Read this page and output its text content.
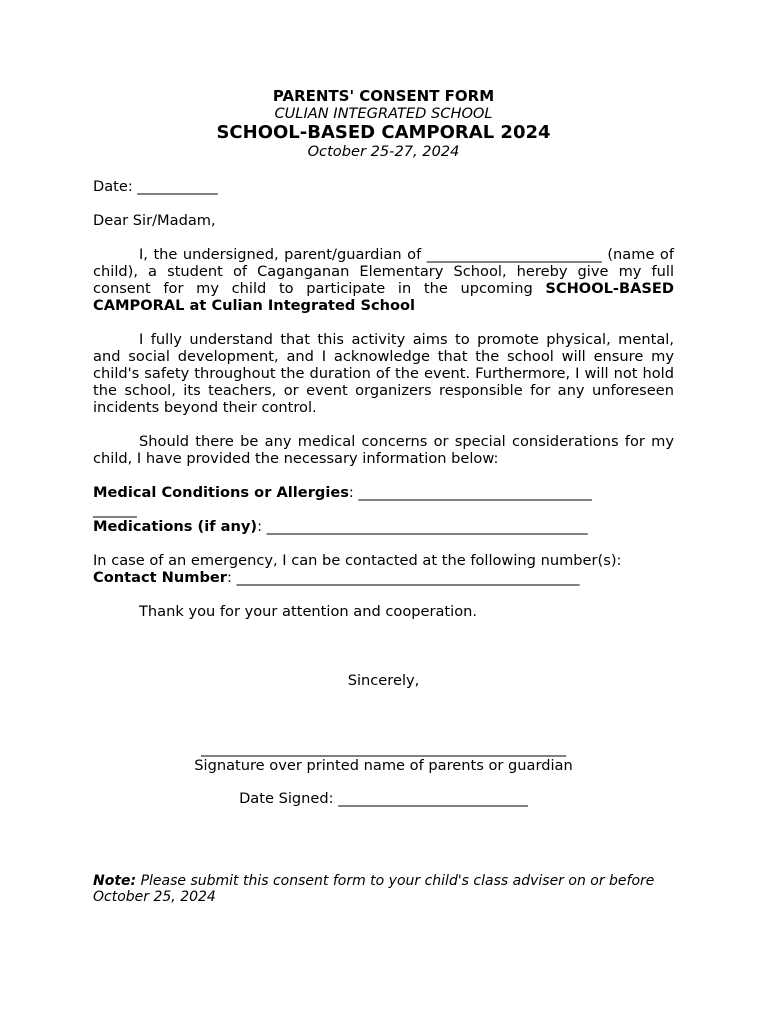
PARENTS' CONSENT FORM
CULIAN INTEGRATED SCHOOL
SCHOOL-BASED CAMPORAL 2024
October 25-27, 2024
Date: ___________
Dear Sir/Madam,
I, the undersigned, parent/guardian of ________________________ (name of child), a student of Caganganan Elementary School, hereby give my full consent for my child to participate in the upcoming SCHOOL-BASED CAMPORAL at Culian Integrated School
I fully understand that this activity aims to promote physical, mental, and social development, and I acknowledge that the school will ensure my child's safety throughout the duration of the event. Furthermore, I will not hold the school, its teachers, or event organizers responsible for any unforeseen incidents beyond their control.
Should there be any medical concerns or special considerations for my child, I have provided the necessary information below:
Medical Conditions or Allergies: ________________________________
______
Medications (if any): ____________________________________________
In case of an emergency, I can be contacted at the following number(s):
Contact Number: _______________________________________________
Thank you for your attention and cooperation.
Sincerely,
__________________________________________________
Signature over printed name of parents or guardian
Date Signed: __________________________
Note: Please submit this consent form to your child's class adviser on or before October 25, 2024
